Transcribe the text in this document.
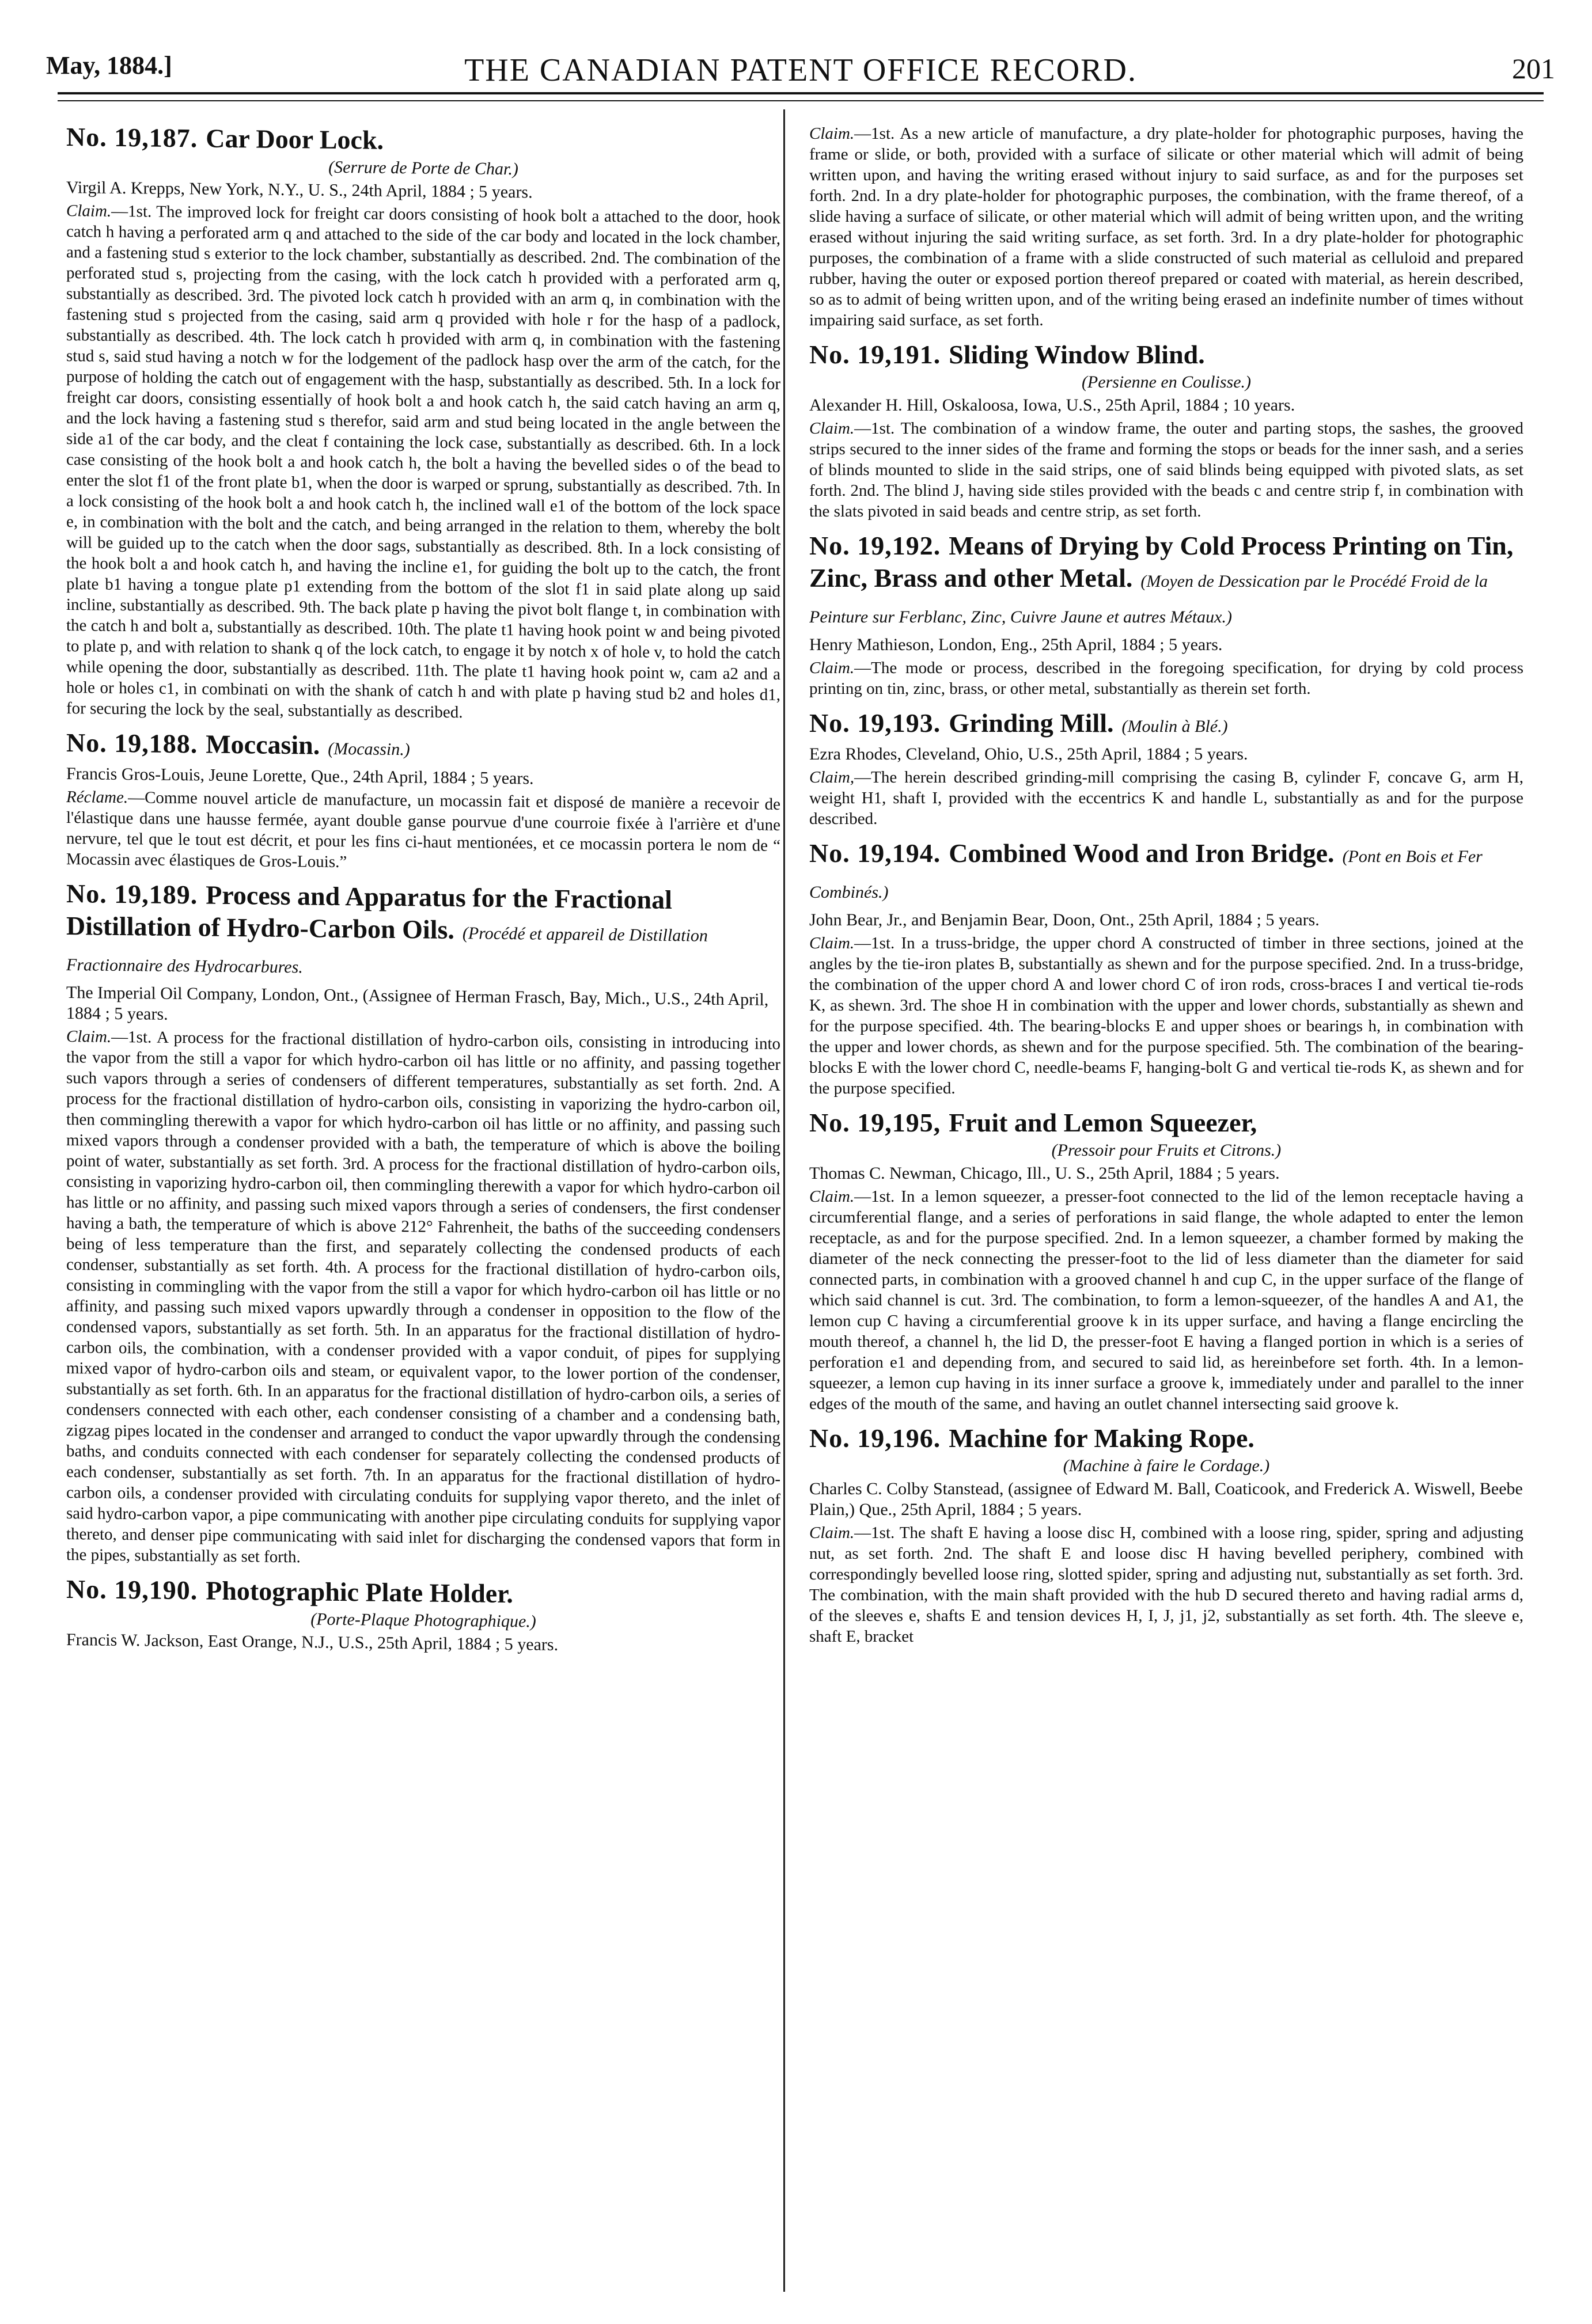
May, 1884.]	THE CANADIAN PATENT OFFICE RECORD.	201
No. 19,187. Car Door Lock.
(Serrure de Porte de Char.)
Virgil A. Krepps, New York, N.Y., U. S., 24th April, 1884 ; 5 years.
Claim.—1st. The improved lock for freight car doors consisting of hook bolt a attached to the door, hook catch h having a perforated arm q and attached to the side of the car body and located in the lock chamber, and a fastening stud s exterior to the lock chamber, substantially as described. 2nd. The combination of the perforated stud s, projecting from the casing, with the lock catch h provided with a perforated arm q, substantially as described. 3rd. The pivoted lock catch h provided with an arm q, in combination with the fastening stud s projected from the casing, said arm q provided with hole r for the hasp of a padlock, substantially as described. 4th. The lock catch h provided with arm q, in combination with the fastening stud s, said stud having a notch w for the lodgement of the padlock hasp over the arm of the catch, for the purpose of holding the catch out of engagement with the hasp, substantially as described. 5th. In a lock for freight car doors, consisting essentially of hook bolt a and hook catch h, the said catch having an arm q, and the lock having a fastening stud s therefor, said arm and stud being located in the angle between the side a1 of the car body, and the cleat f containing the lock case, substantially as described. 6th. In a lock case consisting of the hook bolt a and hook catch h, the bolt a having the bevelled sides o of the bead to enter the slot f1 of the front plate b1, when the door is warped or sprung, substantially as described. 7th. In a lock consisting of the hook bolt a and hook catch h, the inclined wall e1 of the bottom of the lock space e, in combination with the bolt and the catch, and being arranged in the relation to them, whereby the bolt will be guided up to the catch when the door sags, substantially as described. 8th. In a lock consisting of the hook bolt a and hook catch h, and having the incline e1, for guiding the bolt up to the catch, the front plate b1 having a tongue plate p1 extending from the bottom of the slot f1 in said plate along up said incline, substantially as described. 9th. The back plate p having the pivot bolt flange t, in combination with the catch h and bolt a, substantially as described. 10th. The plate t1 having hook point w and being pivoted to plate p, and with relation to shank q of the lock catch, to engage it by notch x of hole v, to hold the catch while opening the door, substantially as described. 11th. The plate t1 having hook point w, cam a2 and a hole or holes c1, in combinati on with the shank of catch h and with plate p having stud b2 and holes d1, for securing the lock by the seal, substantially as described.
No. 19,188. Moccasin. (Mocassin.)
Francis Gros-Louis, Jeune Lorette, Que., 24th April, 1884 ; 5 years.
Réclame.—Comme nouvel article de manufacture, un mocassin fait et disposé de manière a recevoir de l'élastique dans une hausse fermée, ayant double ganse pourvue d'une courroie fixée à l'arrière et d'une nervure, tel que le tout est décrit, et pour les fins ci-haut mentionées, et ce mocassin portera le nom de “ Mocassin avec élastiques de Gros-Louis.”
No. 19,189. Process and Apparatus for the Fractional Distillation of Hydro-Carbon Oils. (Procédé et appareil de Distillation Fractionnaire des Hydrocarbures.
The Imperial Oil Company, London, Ont., (Assignee of Herman Frasch, Bay, Mich., U.S., 24th April, 1884 ; 5 years.
Claim.—1st. A process for the fractional distillation of hydro-carbon oils, consisting in introducing into the vapor from the still a vapor for which hydro-carbon oil has little or no affinity, and passing together such vapors through a series of condensers of different temperatures, substantially as set forth. 2nd. A process for the fractional distillation of hydro-carbon oils, consisting in vaporizing the hydro-carbon oil, then commingling therewith a vapor for which hydro-carbon oil has little or no affinity, and passing such mixed vapors through a condenser provided with a bath, the temperature of which is above the boiling point of water, substantially as set forth. 3rd. A process for the fractional distillation of hydro-carbon oils, consisting in vaporizing hydro-carbon oil, then commingling therewith a vapor for which hydro-carbon oil has little or no affinity, and passing such mixed vapors through a series of condensers, the first condenser having a bath, the temperature of which is above 212° Fahrenheit, the baths of the succeeding condensers being of less temperature than the first, and separately collecting the condensed products of each condenser, substantially as set forth. 4th. A process for the fractional distillation of hydro-carbon oils, consisting in commingling with the vapor from the still a vapor for which hydro-carbon oil has little or no affinity, and passing such mixed vapors upwardly through a condenser in opposition to the flow of the condensed vapors, substantially as set forth. 5th. In an apparatus for the fractional distillation of hydro-carbon oils, the combination, with a condenser provided with a vapor conduit, of pipes for supplying mixed vapor of hydro-carbon oils and steam, or equivalent vapor, to the lower portion of the condenser, substantially as set forth. 6th. In an apparatus for the fractional distillation of hydro-carbon oils, a series of condensers connected with each other, each condenser consisting of a chamber and a condensing bath, zigzag pipes located in the condenser and arranged to conduct the vapor upwardly through the condensing baths, and conduits connected with each condenser for separately collecting the condensed products of each condenser, substantially as set forth. 7th. In an apparatus for the fractional distillation of hydro-carbon oils, a condenser provided with circulating conduits for supplying vapor thereto, and the inlet of said hydro-carbon vapor, a pipe communicating with another pipe circulating conduits for supplying vapor thereto, and denser pipe communicating with said inlet for discharging the condensed vapors that form in the pipes, substantially as set forth.
No. 19,190. Photographic Plate Holder.
(Porte-Plaque Photographique.)
Francis W. Jackson, East Orange, N.J., U.S., 25th April, 1884 ; 5 years.
Claim.—1st. As a new article of manufacture, a dry plate-holder for photographic purposes, having the frame or slide, or both, provided with a surface of silicate or other material which will admit of being written upon, and having the writing erased without injury to said surface, as and for the purposes set forth. 2nd. In a dry plate-holder for photographic purposes, the combination, with the frame thereof, of a slide having a surface of silicate, or other material which will admit of being written upon, and the writing erased without injuring the said writing surface, as set forth. 3rd. In a dry plate-holder for photographic purposes, the combination of a frame with a slide constructed of such material as celluloid and prepared rubber, having the outer or exposed portion thereof prepared or coated with material, as herein described, so as to admit of being written upon, and of the writing being erased an indefinite number of times without impairing said surface, as set forth.
No. 19,191. Sliding Window Blind.
(Persienne en Coulisse.)
Alexander H. Hill, Oskaloosa, Iowa, U.S., 25th April, 1884 ; 10 years.
Claim.—1st. The combination of a window frame, the outer and parting stops, the sashes, the grooved strips secured to the inner sides of the frame and forming the stops or beads for the inner sash, and a series of blinds mounted to slide in the said strips, one of said blinds being equipped with pivoted slats, as set forth. 2nd. The blind J, having side stiles provided with the beads c and centre strip f, in combination with the slats pivoted in said beads and centre strip, as set forth.
No. 19,192. Means of Drying by Cold Process Printing on Tin, Zinc, Brass and other Metal. (Moyen de Dessication par le Procédé Froid de la Peinture sur Ferblanc, Zinc, Cuivre Jaune et autres Métaux.)
Henry Mathieson, London, Eng., 25th April, 1884 ; 5 years.
Claim.—The mode or process, described in the foregoing specification, for drying by cold process printing on tin, zinc, brass, or other metal, substantially as therein set forth.
No. 19,193. Grinding Mill. (Moulin à Blé.)
Ezra Rhodes, Cleveland, Ohio, U.S., 25th April, 1884 ; 5 years.
Claim,—The herein described grinding-mill comprising the casing B, cylinder F, concave G, arm H, weight H1, shaft I, provided with the eccentrics K and handle L, substantially as and for the purpose described.
No. 19,194. Combined Wood and Iron Bridge. (Pont en Bois et Fer Combinés.)
John Bear, Jr., and Benjamin Bear, Doon, Ont., 25th April, 1884 ; 5 years.
Claim.—1st. In a truss-bridge, the upper chord A constructed of timber in three sections, joined at the angles by the tie-iron plates B, substantially as shewn and for the purpose specified. 2nd. In a truss-bridge, the combination of the upper chord A and lower chord C of iron rods, cross-braces I and vertical tie-rods K, as shewn. 3rd. The shoe H in combination with the upper and lower chords, substantially as shewn and for the purpose specified. 4th. The bearing-blocks E and upper shoes or bearings h, in combination with the upper and lower chords, as shewn and for the purpose specified. 5th. The combination of the bearing-blocks E with the lower chord C, needle-beams F, hanging-bolt G and vertical tie-rods K, as shewn and for the purpose specified.
No. 19,195, Fruit and Lemon Squeezer,
(Pressoir pour Fruits et Citrons.)
Thomas C. Newman, Chicago, Ill., U. S., 25th April, 1884 ; 5 years.
Claim.—1st. In a lemon squeezer, a presser-foot connected to the lid of the lemon receptacle having a circumferential flange, and a series of perforations in said flange, the whole adapted to enter the lemon receptacle, as and for the purpose specified. 2nd. In a lemon squeezer, a chamber formed by making the diameter of the neck connecting the presser-foot to the lid of less diameter than the diameter for said connected parts, in combination with a grooved channel h and cup C, in the upper surface of the flange of which said channel is cut. 3rd. The combination, to form a lemon-squeezer, of the handles A and A1, the lemon cup C having a circumferential groove k in its upper surface, and having a flange encircling the mouth thereof, a channel h, the lid D, the presser-foot E having a flanged portion in which is a series of perforation e1 and depending from, and secured to said lid, as hereinbefore set forth. 4th. In a lemon-squeezer, a lemon cup having in its inner surface a groove k, immediately under and parallel to the inner edges of the mouth of the same, and having an outlet channel intersecting said groove k.
No. 19,196. Machine for Making Rope.
(Machine à faire le Cordage.)
Charles C. Colby Stanstead, (assignee of Edward M. Ball, Coaticook, and Frederick A. Wiswell, Beebe Plain,) Que., 25th April, 1884 ; 5 years.
Claim.—1st. The shaft E having a loose disc H, combined with a loose ring, spider, spring and adjusting nut, as set forth. 2nd. The shaft E and loose disc H having bevelled periphery, combined with correspondingly bevelled loose ring, slotted spider, spring and adjusting nut, substantially as set forth. 3rd. The combination, with the main shaft provided with the hub D secured thereto and having radial arms d, of the sleeves e, shafts E and tension devices H, I, J, j1, j2, substantially as set forth. 4th. The sleeve e, shaft E, bracket
